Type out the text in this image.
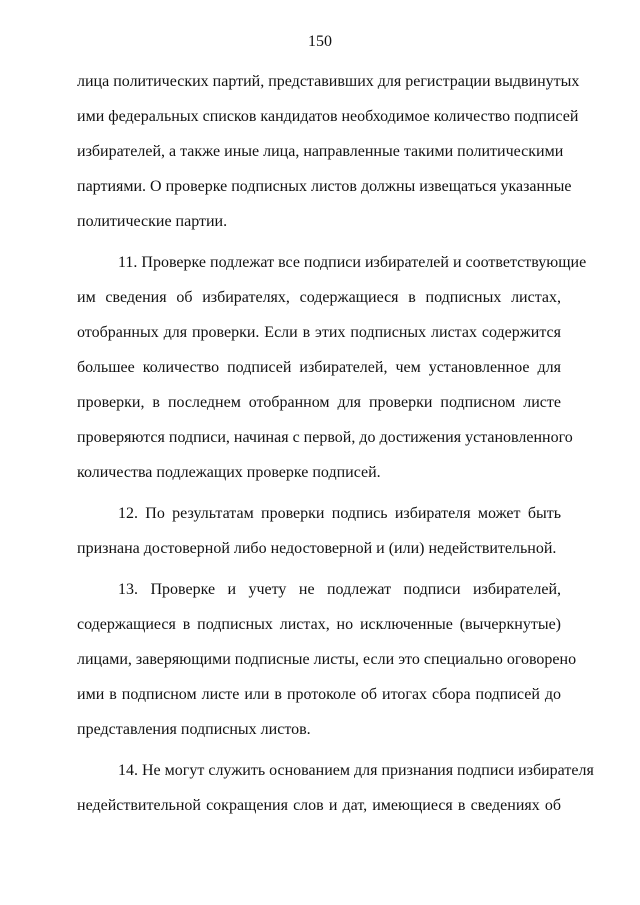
150

лица политических партий, представивших для регистрации выдвинутых
ими федеральных списков кандидатов необходимое количество подписей
избирателей, а также иные лица, направленные такими политическими
партиями. О проверке подписных листов должны извещаться указанные
политические партии.

11. Проверке подлежат все подписи избирателей и соответствующие
им сведения об избирателях, содержащиеся в подписных листах,
отобранных для проверки. Если в этих подписных листах содержится
большее количество подписей избирателей, чем установленное для
проверки, в последнем отобранном для проверки подписном листе
проверяются подписи, начиная с первой, до достижения установленного
количества подлежащих проверке подписей.

12. По результатам проверки подпись избирателя может быть
признана достоверной либо недостоверной и (или) недействительной.

13. Проверке и учету не подлежат подписи избирателей,
содержащиеся в подписных листах, но исключенные (вычеркнутые)
лицами, заверяющими подписные листы, если это специально оговорено
ими в подписном листе или в протоколе об итогах сбора подписей до
представления подписных листов.

14. Не могут служить основанием для признания подписи избирателя
недействительной сокращения слов и дат, имеющиеся в сведениях об
